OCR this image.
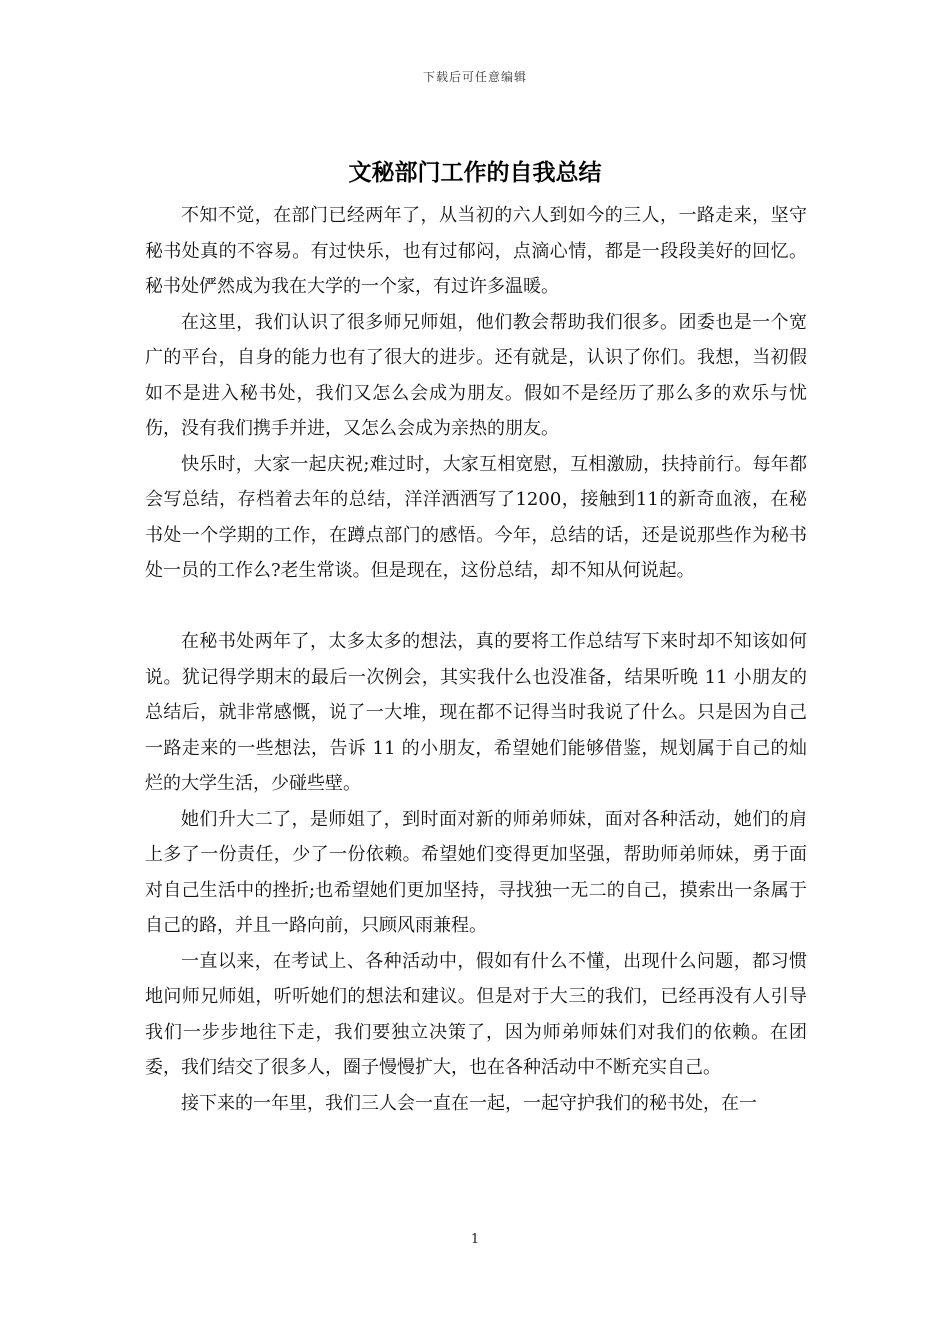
下载后可任意编辑
文秘部门工作的自我总结

不知不觉，在部门已经两年了，从当初的六人到如今的三人，一路走来，坚守秘书处真的不容易。有过快乐，也有过郁闷，点滴心情，都是一段段美好的回忆。秘书处俨然成为我在大学的一个家，有过许多温暖。

在这里，我们认识了很多师兄师姐，他们教会帮助我们很多。团委也是一个宽广的平台，自身的能力也有了很大的进步。还有就是，认识了你们。我想，当初假如不是进入秘书处，我们又怎么会成为朋友。假如不是经历了那么多的欢乐与忧伤，没有我们携手并进，又怎么会成为亲热的朋友。

快乐时，大家一起庆祝;难过时，大家互相宽慰，互相激励，扶持前行。每年都会写总结，存档着去年的总结，洋洋洒洒写了1200，接触到11的新奇血液，在秘书处一个学期的工作，在蹲点部门的感悟。今年，总结的话，还是说那些作为秘书处一员的工作么?老生常谈。但是现在，这份总结，却不知从何说起。

在秘书处两年了，太多太多的想法，真的要将工作总结写下来时却不知该如何说。犹记得学期末的最后一次例会，其实我什么也没准备，结果听晚 11 小朋友的总结后，就非常感慨，说了一大堆，现在都不记得当时我说了什么。只是因为自己一路走来的一些想法，告诉 11 的小朋友，希望她们能够借鉴，规划属于自己的灿烂的大学生活，少碰些壁。

她们升大二了，是师姐了，到时面对新的师弟师妹，面对各种活动，她们的肩上多了一份责任，少了一份依赖。希望她们变得更加坚强，帮助师弟师妹，勇于面对自己生活中的挫折;也希望她们更加坚持，寻找独一无二的自己，摸索出一条属于自己的路，并且一路向前，只顾风雨兼程。

一直以来，在考试上、各种活动中，假如有什么不懂，出现什么问题，都习惯地问师兄师姐，听听她们的想法和建议。但是对于大三的我们，已经再没有人引导我们一步步地往下走，我们要独立决策了，因为师弟师妹们对我们的依赖。在团委，我们结交了很多人，圈子慢慢扩大，也在各种活动中不断充实自己。

接下来的一年里，我们三人会一直在一起，一起守护我们的秘书处，在一

1
